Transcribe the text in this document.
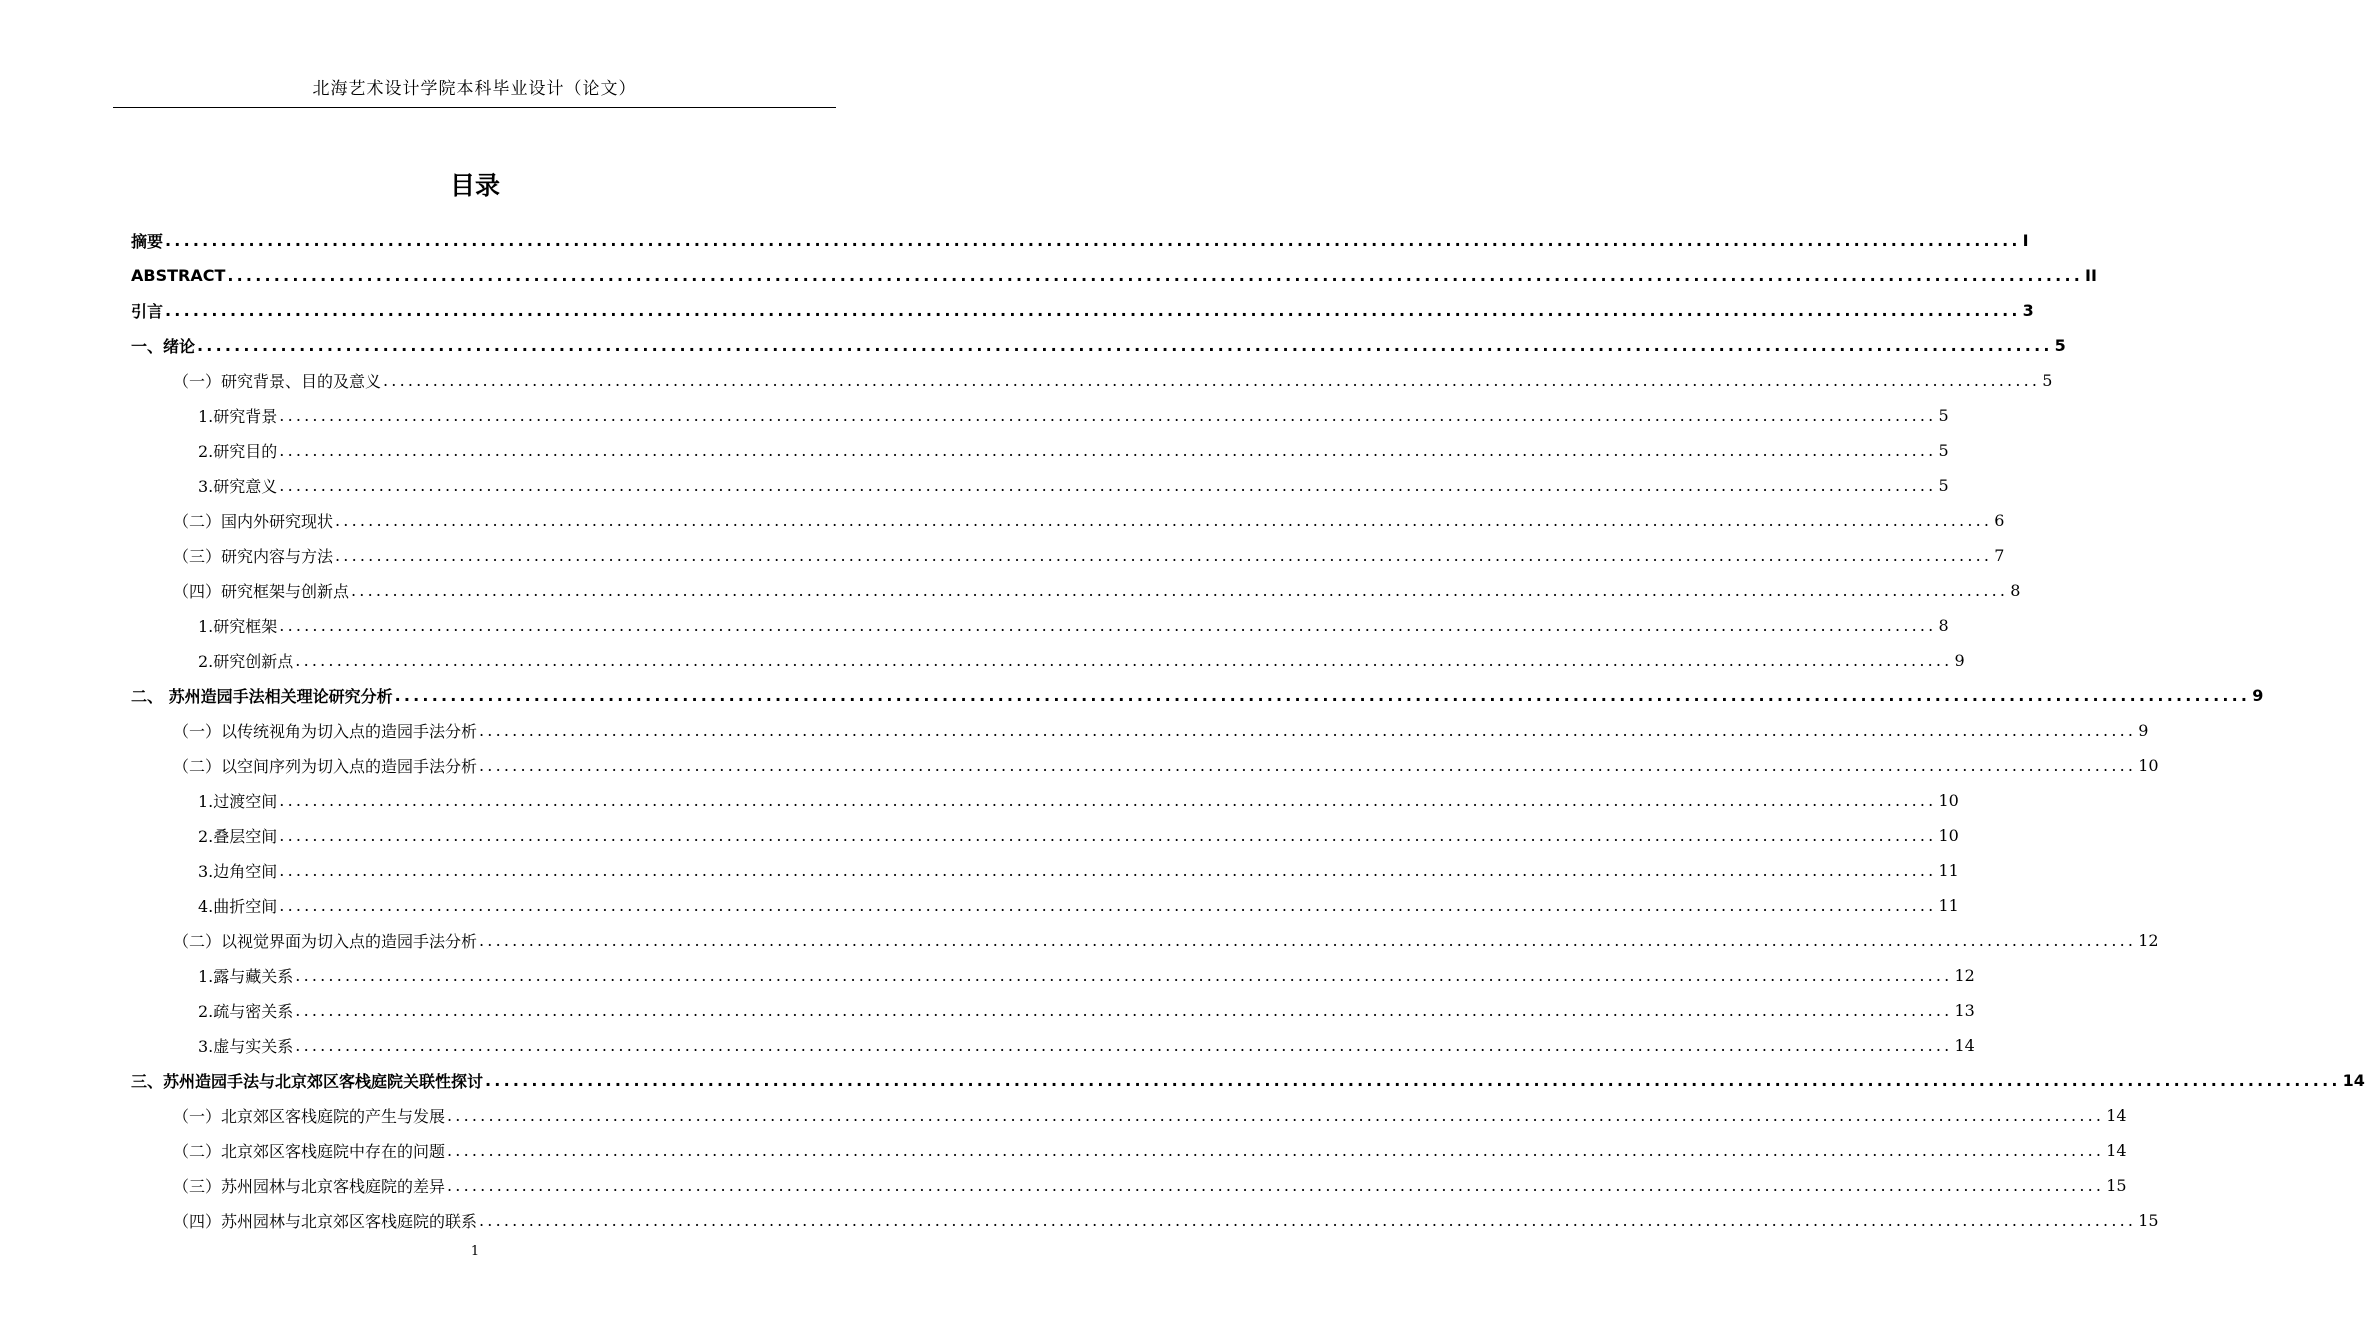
北海艺术设计学院本科毕业设计（论文）
目录
摘要 ........................................................................................................................................................................................................ I
ABSTRACT ........................................................................................................................................................................................................ II
引言 ........................................................................................................................................................................................................ 3
一、绪论 ........................................................................................................................................................................................................ 5
（一）研究背景、目的及意义 ........................................................................................................................................................................................................ 5
1.研究背景 ........................................................................................................................................................................................................ 5
2.研究目的 ........................................................................................................................................................................................................ 5
3.研究意义 ........................................................................................................................................................................................................ 5
（二）国内外研究现状 ........................................................................................................................................................................................................ 6
（三）研究内容与方法 ........................................................................................................................................................................................................ 7
（四）研究框架与创新点 ........................................................................................................................................................................................................ 8
1.研究框架 ........................................................................................................................................................................................................ 8
2.研究创新点 ........................................................................................................................................................................................................ 9
二、 苏州造园手法相关理论研究分析 ........................................................................................................................................................................................................ 9
（一）以传统视角为切入点的造园手法分析 ........................................................................................................................................................................................................ 9
（二）以空间序列为切入点的造园手法分析 ........................................................................................................................................................................................................ 10
1.过渡空间 ........................................................................................................................................................................................................ 10
2.叠层空间 ........................................................................................................................................................................................................ 10
3.边角空间 ........................................................................................................................................................................................................ 11
4.曲折空间 ........................................................................................................................................................................................................ 11
（二）以视觉界面为切入点的造园手法分析 ........................................................................................................................................................................................................ 12
1.露与藏关系 ........................................................................................................................................................................................................ 12
2.疏与密关系 ........................................................................................................................................................................................................ 13
3.虚与实关系 ........................................................................................................................................................................................................ 14
三、苏州造园手法与北京郊区客栈庭院关联性探讨 ........................................................................................................................................................................................................ 14
（一）北京郊区客栈庭院的产生与发展 ........................................................................................................................................................................................................ 14
（二）北京郊区客栈庭院中存在的问题 ........................................................................................................................................................................................................ 14
（三）苏州园林与北京客栈庭院的差异 ........................................................................................................................................................................................................ 15
（四）苏州园林与北京郊区客栈庭院的联系 ........................................................................................................................................................................................................ 15
1
